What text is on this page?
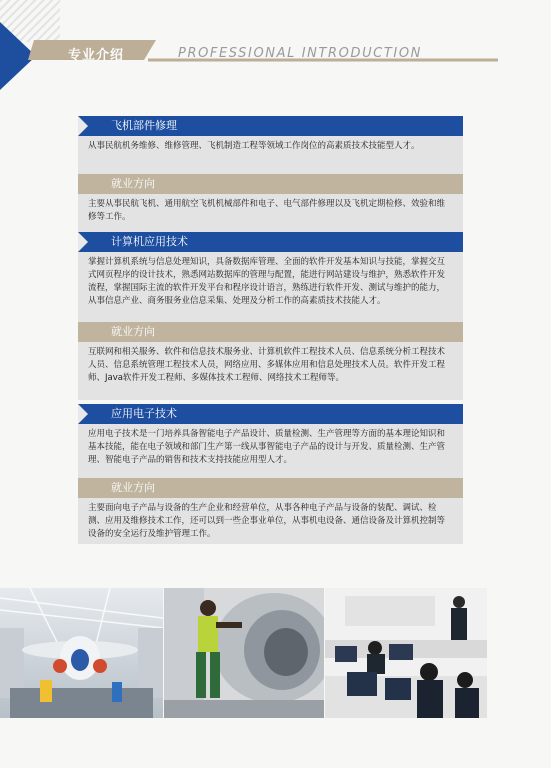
专业介绍	PROFESSIONAL INTRODUCTION
飞机部件修理
从事民航机务维修、维修管理、飞机制造工程等领域工作岗位的高素质技术技能型人才。
就业方向
主要从事民航飞机、通用航空飞机机械部件和电子、电气部件修理以及飞机定期检修、效验和维修等工作。
计算机应用技术
掌握计算机系统与信息处理知识，具备数据库管理、全面的软件开发基本知识与技能，掌握交互式网页程序的设计技术，熟悉网站数据库的管理与配置，能进行网站建设与维护，熟悉软件开发流程，掌握国际主流的软件开发平台和程序设计语言，熟练进行软件开发、测试与维护的能力，从事信息产业、商务服务业信息采集、处理及分析工作的高素质技术技能人才。
就业方向
互联网和相关服务、软件和信息技术服务业、计算机软件工程技术人员、信息系统分析工程技术人员、信息系统管理工程技术人员，网络应用、多媒体应用和信息处理技术人员。软件开发工程师、Java软件开发工程师、多媒体技术工程师、网络技术工程师等。
应用电子技术
应用电子技术是一门培养具备智能电子产品设计、质量检测、生产管理等方面的基本理论知识和基本技能，能在电子领域和部门生产第一线从事智能电子产品的设计与开发、质量检测、生产管理、智能电子产品的销售和技术支持技能应用型人才。
就业方向
主要面向电子产品与设备的生产企业和经营单位，从事各种电子产品与设备的装配、调试、检测、应用及维修技术工作，还可以到一些企事业单位，从事机电设备、通信设备及计算机控制等设备的安全运行及维护管理工作。
